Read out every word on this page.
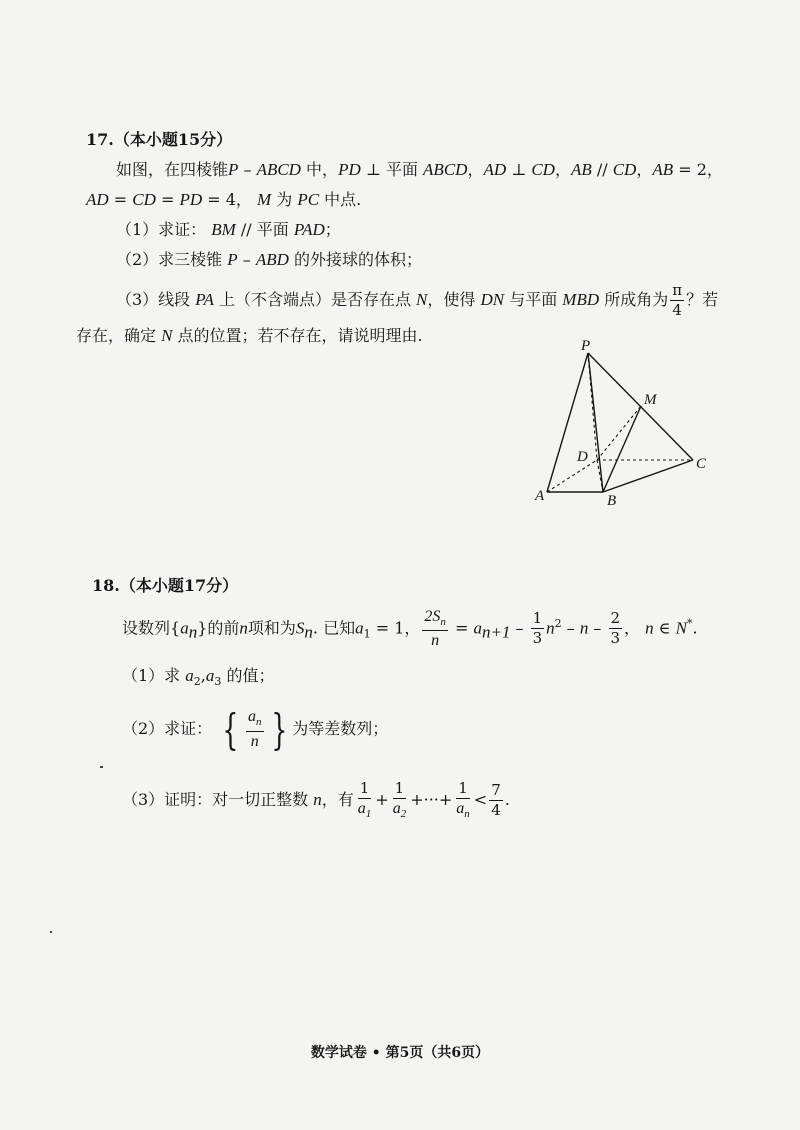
17.（本小题15分）
如图，在四棱锥P – ABCD 中，PD ⊥ 平面 ABCD，AD ⊥ CD，AB // CD，AB = 2，
AD = CD = PD = 4， M 为 PC 中点.
（1）求证： BM // 平面 PAD；
（2）求三棱锥 P – ABD 的外接球的体积；
（3）线段 PA 上（不含端点）是否存在点 N，使得 DN 与平面 MBD 所成角为 $\frac{\pi}{4}$ ？若
存在，确定 N 点的位置；若不存在，请说明理由.
P
M
D	C
A	B
18.（本小题17分）
设数列$\{a_n\}$的前n项和为$S_n$. 已知$a_1 = 1$， $\frac{2S_n}{n} = a_{n+1} - \frac{1}{3} n^2 - n - \frac{2}{3}$ ， n ∈ N*.
（1）求 $a_2,a_3$ 的值；
（2）求证： { $\frac{a_n}{n}$ } 为等差数列；
（3）证明：对一切正整数 n，有 $\frac{1}{a_1} + \frac{1}{a_2}$ +···+ $\frac{1}{a_n} < \frac{7}{4}$ .
数学试卷 • 第5页（共6页）
